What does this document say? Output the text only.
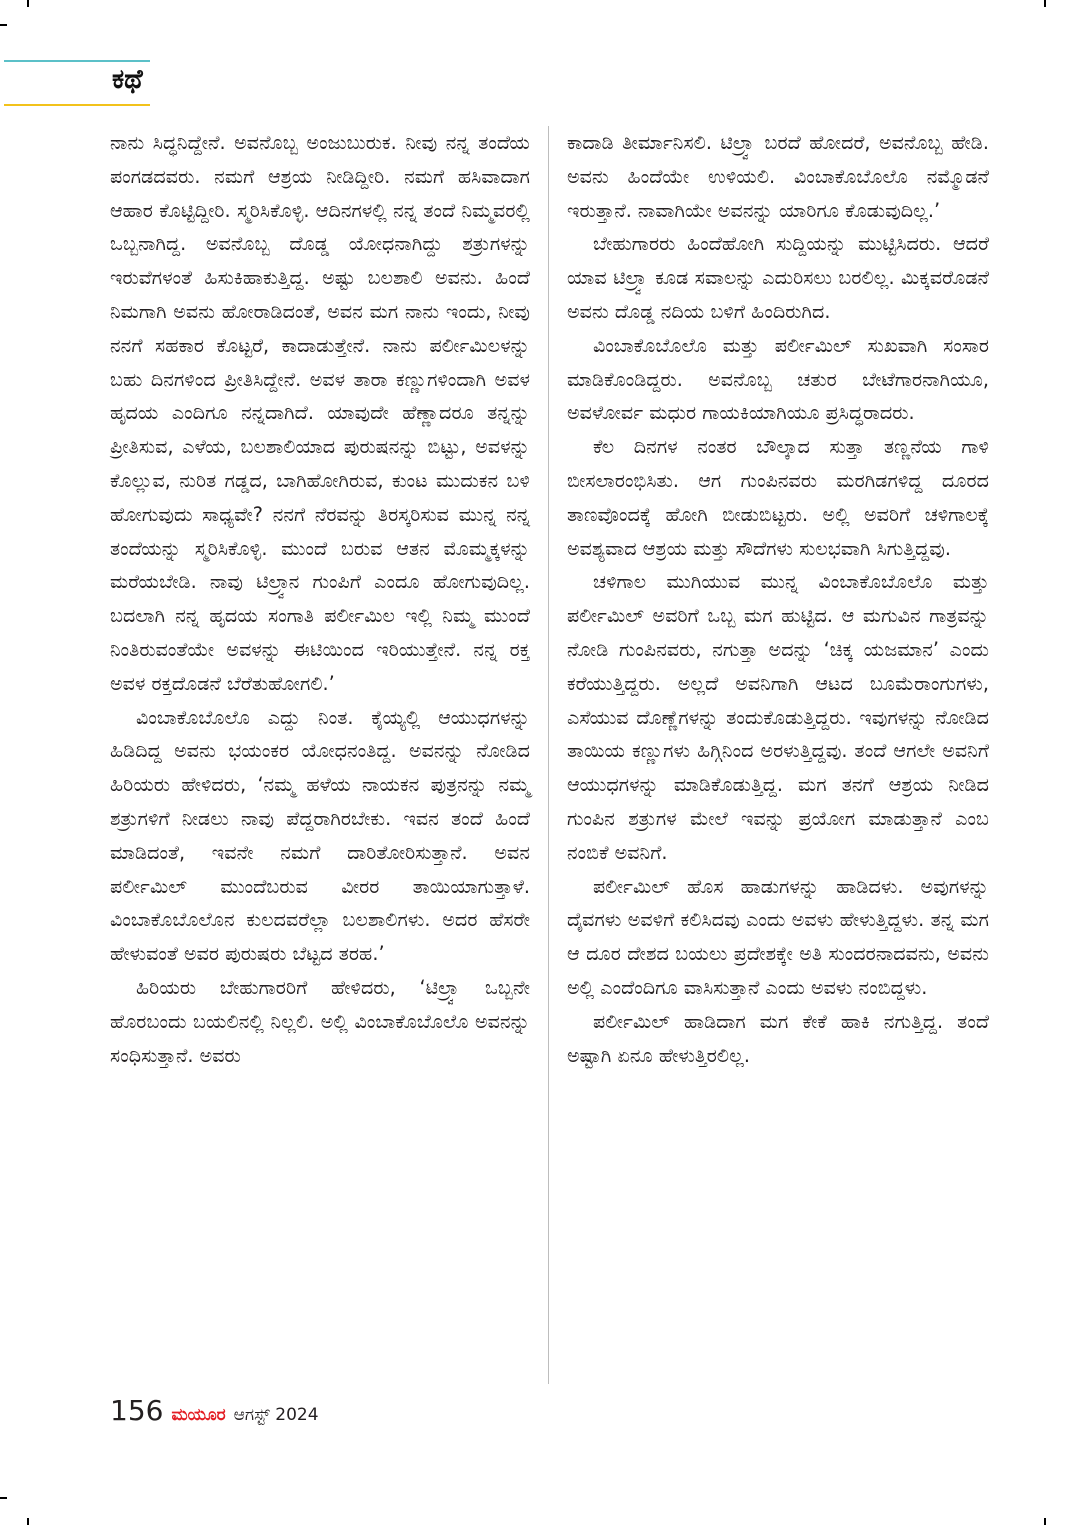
ಕಥೆ

ನಾನು ಸಿದ್ಧನಿದ್ದೇನೆ. ಅವನೊಬ್ಬ ಅಂಜುಬುರುಕ. ನೀವು ನನ್ನ ತಂದೆಯ ಪಂಗಡದವರು. ನಮಗೆ ಆಶ್ರಯ ನೀಡಿದ್ದೀರಿ. ನಮಗೆ ಹಸಿವಾದಾಗ ಆಹಾರ ಕೊಟ್ಟಿದ್ದೀರಿ. ಸ್ಮರಿಸಿಕೊಳ್ಳಿ. ಆದಿನಗಳಲ್ಲಿ ನನ್ನ ತಂದೆ ನಿಮ್ಮವರಲ್ಲಿ ಒಬ್ಬನಾಗಿದ್ದ. ಅವನೊಬ್ಬ ದೊಡ್ಡ ಯೋಧನಾಗಿದ್ದು ಶತ್ರುಗಳನ್ನು ಇರುವೆಗಳಂತೆ ಹಿಸುಕಿಹಾಕುತ್ತಿದ್ದ. ಅಷ್ಟು ಬಲಶಾಲಿ ಅವನು. ಹಿಂದೆ ನಿಮಗಾಗಿ ಅವನು ಹೋರಾಡಿದಂತೆ, ಅವನ ಮಗ ನಾನು ಇಂದು, ನೀವು ನನಗೆ ಸಹಕಾರ ಕೊಟ್ಟರೆ, ಕಾದಾಡುತ್ತೇನೆ. ನಾನು ಪರ್ಲೀಮಿಲಳನ್ನು ಬಹು ದಿನಗಳಿಂದ ಪ್ರೀತಿಸಿದ್ದೇನೆ. ಅವಳ ತಾರಾ ಕಣ್ಣುಗಳಿಂದಾಗಿ ಅವಳ ಹೃದಯ ಎಂದಿಗೂ ನನ್ನದಾಗಿದೆ. ಯಾವುದೇ ಹೆಣ್ಣಾದರೂ ತನ್ನನ್ನು ಪ್ರೀತಿಸುವ, ಎಳೆಯ, ಬಲಶಾಲಿಯಾದ ಪುರುಷನನ್ನು ಬಿಟ್ಟು, ಅವಳನ್ನು ಕೊಲ್ಲುವ, ನುರಿತ ಗಡ್ಡದ, ಬಾಗಿಹೋಗಿರುವ, ಕುಂಟ ಮುದುಕನ ಬಳಿ ಹೋಗುವುದು ಸಾಧ್ಯವೇ? ನನಗೆ ನೆರವನ್ನು ತಿರಸ್ಕರಿಸುವ ಮುನ್ನ ನನ್ನ ತಂದೆಯನ್ನು ಸ್ಮರಿಸಿಕೊಳ್ಳಿ. ಮುಂದೆ ಬರುವ ಆತನ ಮೊಮ್ಮಕ್ಕಳನ್ನು ಮರೆಯಬೇಡಿ. ನಾವು ಟಿಲ್ರ್ವಾನ ಗುಂಪಿಗೆ ಎಂದೂ ಹೋಗುವುದಿಲ್ಲ. ಬದಲಾಗಿ ನನ್ನ ಹೃದಯ ಸಂಗಾತಿ ಪರ್ಲೀಮಿಲ ಇಲ್ಲಿ ನಿಮ್ಮ ಮುಂದೆ ನಿಂತಿರುವಂತೆಯೇ ಅವಳನ್ನು ಈಟಿಯಿಂದ ಇರಿಯುತ್ತೇನೆ. ನನ್ನ ರಕ್ತ ಅವಳ ರಕ್ತದೊಡನೆ ಬೆರೆತುಹೋಗಲಿ.’

ವಿಂಬಾಕೊಬೊಲೊ ಎದ್ದು ನಿಂತ. ಕೈಯ್ಯಲ್ಲಿ ಆಯುಧಗಳನ್ನು ಹಿಡಿದಿದ್ದ ಅವನು ಭಯಂಕರ ಯೋಧನಂತಿದ್ದ. ಅವನನ್ನು ನೋಡಿದ ಹಿರಿಯರು ಹೇಳಿದರು, ‘ನಮ್ಮ ಹಳೆಯ ನಾಯಕನ ಪುತ್ರನನ್ನು ನಮ್ಮ ಶತ್ರುಗಳಿಗೆ ನೀಡಲು ನಾವು ಪೆದ್ದರಾಗಿರಬೇಕು. ಇವನ ತಂದೆ ಹಿಂದೆ ಮಾಡಿದಂತೆ, ಇವನೇ ನಮಗೆ ದಾರಿತೋರಿಸುತ್ತಾನೆ. ಅವನ ಪರ್ಲೀಮಿಲ್ ಮುಂದೆಬರುವ ವೀರರ ತಾಯಿಯಾಗುತ್ತಾಳೆ. ವಿಂಬಾಕೊಬೊಲೊನ ಕುಲದವರೆಲ್ಲಾ ಬಲಶಾಲಿಗಳು. ಅದರ ಹೆಸರೇ ಹೇಳುವಂತೆ ಅವರ ಪುರುಷರು ಬೆಟ್ಟದ ತರಹ.’

ಹಿರಿಯರು ಬೇಹುಗಾರರಿಗೆ ಹೇಳಿದರು, ‘ಟಿಲ್ರ್ವಾ ಒಬ್ಬನೇ ಹೊರಬಂದು ಬಯಲಿನಲ್ಲಿ ನಿಲ್ಲಲಿ. ಅಲ್ಲಿ ವಿಂಬಾಕೊಬೊಲೊ ಅವನನ್ನು ಸಂಧಿಸುತ್ತಾನೆ. ಅವರು

ಕಾದಾಡಿ ತೀರ್ಮಾನಿಸಲಿ. ಟಿಲ್ರ್ವಾ ಬರದೆ ಹೋದರೆ, ಅವನೊಬ್ಬ ಹೇಡಿ. ಅವನು ಹಿಂದೆಯೇ ಉಳಿಯಲಿ. ವಿಂಬಾಕೊಬೊಲೊ ನಮ್ಮೊಡನೆ ಇರುತ್ತಾನೆ. ನಾವಾಗಿಯೇ ಅವನನ್ನು ಯಾರಿಗೂ ಕೊಡುವುದಿಲ್ಲ.’

ಬೇಹುಗಾರರು ಹಿಂದೆಹೋಗಿ ಸುದ್ದಿಯನ್ನು ಮುಟ್ಟಿಸಿದರು. ಆದರೆ ಯಾವ ಟಿಲ್ರ್ವಾ ಕೂಡ ಸವಾಲನ್ನು ಎದುರಿಸಲು ಬರಲಿಲ್ಲ. ಮಿಕ್ಕವರೊಡನೆ ಅವನು ದೊಡ್ಡ ನದಿಯ ಬಳಿಗೆ ಹಿಂದಿರುಗಿದ.

ವಿಂಬಾಕೊಬೊಲೊ ಮತ್ತು ಪರ್ಲೀಮಿಲ್ ಸುಖವಾಗಿ ಸಂಸಾರ ಮಾಡಿಕೊಂಡಿದ್ದರು. ಅವನೊಬ್ಬ ಚತುರ ಬೇಟೆಗಾರನಾಗಿಯೂ, ಅವಳೋರ್ವ ಮಧುರ ಗಾಯಕಿಯಾಗಿಯೂ ಪ್ರಸಿದ್ಧರಾದರು.

ಕೆಲ ದಿನಗಳ ನಂತರ ಬೌಲ್ಕಾದ ಸುತ್ತಾ ತಣ್ಣನೆಯ ಗಾಳಿ ಬೀಸಲಾರಂಭಿಸಿತು. ಆಗ ಗುಂಪಿನವರು ಮರಗಿಡಗಳಿದ್ದ ದೂರದ ತಾಣವೊಂದಕ್ಕೆ ಹೋಗಿ ಬೀಡುಬಿಟ್ಟರು. ಅಲ್ಲಿ ಅವರಿಗೆ ಚಳಿಗಾಲಕ್ಕೆ ಅವಶ್ಯವಾದ ಆಶ್ರಯ ಮತ್ತು ಸೌದೆಗಳು ಸುಲಭವಾಗಿ ಸಿಗುತ್ತಿದ್ದವು.

ಚಳಿಗಾಲ ಮುಗಿಯುವ ಮುನ್ನ ವಿಂಬಾಕೊಬೊಲೊ ಮತ್ತು ಪರ್ಲೀಮಿಲ್ ಅವರಿಗೆ ಒಬ್ಬ ಮಗ ಹುಟ್ಟಿದ. ಆ ಮಗುವಿನ ಗಾತ್ರವನ್ನು ನೋಡಿ ಗುಂಪಿನವರು, ನಗುತ್ತಾ ಅದನ್ನು ‘ಚಿಕ್ಕ ಯಜಮಾನ’ ಎಂದು ಕರೆಯುತ್ತಿದ್ದರು. ಅಲ್ಲದೆ ಅವನಿಗಾಗಿ ಆಟದ ಬೂಮೆರಾಂಗುಗಳು, ಎಸೆಯುವ ದೊಣ್ಣೆಗಳನ್ನು ತಂದುಕೊಡುತ್ತಿದ್ದರು. ಇವುಗಳನ್ನು ನೋಡಿದ ತಾಯಿಯ ಕಣ್ಣುಗಳು ಹಿಗ್ಗಿನಿಂದ ಅರಳುತ್ತಿದ್ದವು. ತಂದೆ ಆಗಲೇ ಅವನಿಗೆ ಆಯುಧಗಳನ್ನು ಮಾಡಿಕೊಡುತ್ತಿದ್ದ. ಮಗ ತನಗೆ ಆಶ್ರಯ ನೀಡಿದ ಗುಂಪಿನ ಶತ್ರುಗಳ ಮೇಲೆ ಇವನ್ನು ಪ್ರಯೋಗ ಮಾಡುತ್ತಾನೆ ಎಂಬ ನಂಬಿಕೆ ಅವನಿಗೆ.

ಪರ್ಲೀಮಿಲ್ ಹೊಸ ಹಾಡುಗಳನ್ನು ಹಾಡಿದಳು. ಅವುಗಳನ್ನು ದೈವಗಳು ಅವಳಿಗೆ ಕಲಿಸಿದವು ಎಂದು ಅವಳು ಹೇಳುತ್ತಿದ್ದಳು. ತನ್ನ ಮಗ ಆ ದೂರ ದೇಶದ ಬಯಲು ಪ್ರದೇಶಕ್ಕೇ ಅತಿ ಸುಂದರನಾದವನು, ಅವನು ಅಲ್ಲಿ ಎಂದೆಂದಿಗೂ ವಾಸಿಸುತ್ತಾನೆ ಎಂದು ಅವಳು ನಂಬಿದ್ದಳು.

ಪರ್ಲೀಮಿಲ್ ಹಾಡಿದಾಗ ಮಗ ಕೇಕೆ ಹಾಕಿ ನಗುತ್ತಿದ್ದ. ತಂದೆ ಅಷ್ಟಾಗಿ ಏನೂ ಹೇಳುತ್ತಿರಲಿಲ್ಲ.

156 ಮಯೂರ ಆಗಸ್ಟ್ 2024
